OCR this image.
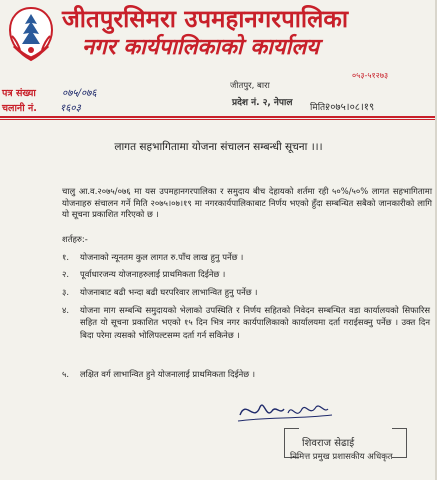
जीतपुरसिमरा उपमहानगरपालिका
नगर कार्यपालिकाको कार्यालय
०५३-५१२७३
जीतपुर, बारा
प्रदेश नं. २, नेपाल
पत्र संख्या	०७५/०७६
चलानी नं. १६०३	मिति:
२०७५।०८।१९
लागत सहभागितामा योजना संचालन सम्बन्धी सूचना ।।।
चालु आ.व.२०७५/०७६ मा यस उपमहानगरपालिका र समुदाय बीच देहायको शर्तमा रही ५०%/५०% लागत सहभागितामा योजनाहरु संचालन गर्ने मिति २०७५।०७।१९ मा नगरकार्यपालिकाबाट निर्णय भएको हुँदा सम्बन्धित सबैको जानकारीको लागि यो सूचना प्रकाशित गरिएको छ ।
शर्तहरु:-
१.	योजनाको न्यूनतम कुल लागत रु.पाँच लाख हुनु पर्नेछ ।
२.	पूर्वाधारजन्य योजनाहरुलाई प्राथमिकता दिईनेछ ।
३.	योजनाबाट बढी भन्दा बढी घरपरिवार लाभान्वित हुनु पर्नेछ ।
४.	योजना माग सम्बन्धि समुदायको भेलाको उपस्थिति र निर्णय सहितको निवेदन सम्बन्धित वडा कार्यालयको सिफारिस सहित यो सूचना प्रकाशित भएको १५ दिन भित्र नगर कार्यपालिकाको कार्यालयमा दर्ता गराईसक्नु पर्नेछ । उक्त दिन बिदा परेमा त्यसको भोलिपल्टसम्म दर्ता गर्न सकिनेछ ।
५.	लक्षित वर्ग लाभान्वित हुने योजनालाई प्राथमिकता दिईनेछ ।
शिवराज सेढाई
निमित्त प्रमुख प्रशासकीय अधिकृत
